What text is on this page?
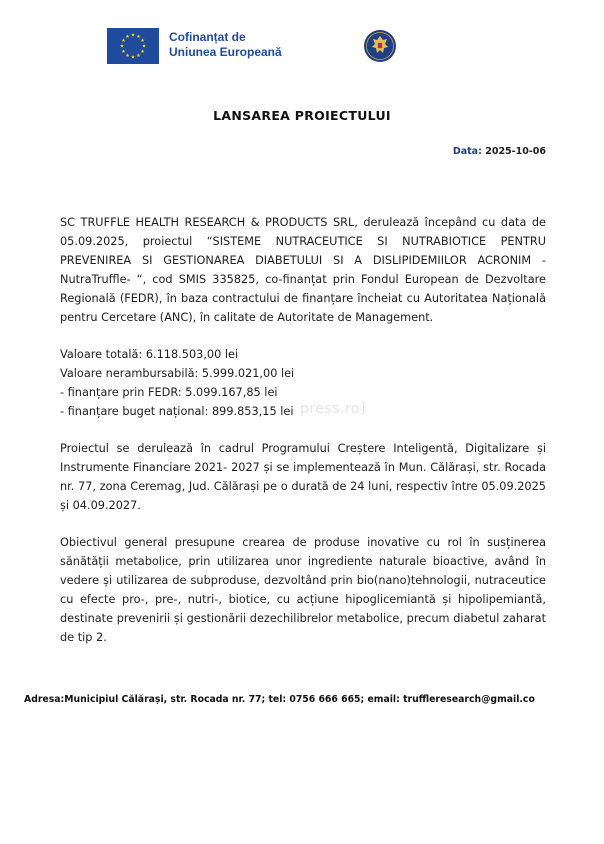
★ ★
★
★
★
★
★
★
★
★
★
★	Cofinanțat de
Uniunea Europeană
LANSAREA PROIECTULUI
Data: 2025-10-06

SC TRUFFLE HEALTH RESEARCH & PRODUCTS SRL, derulează începând cu data de 05.09.2025, proiectul “SISTEME NUTRACEUTICE SI NUTRABIOTICE PENTRU PREVENIREA SI GESTIONAREA DIABETULUI SI A DISLIPIDEMIILOR ACRONIM -NutraTruffle- “, cod SMIS 335825, co-finanțat prin Fondul European de Dezvoltare Regională (FEDR), în baza contractului de finanțare încheiat cu Autoritatea Națională pentru Cercetare (ANC), în calitate de Autoritate de Management.

Valoare totală: 6.118.503,00 lei
Valoare nerambursabilă: 5.999.021,00 lei
- finanțare prin FEDR: 5.099.167,85 lei
- finanțare buget național: 899.853,15 lei

Proiectul se derulează în cadrul Programului Creștere Inteligentă, Digitalizare și Instrumente Financiare 2021- 2027 și se implementează în Mun. Călărași, str. Rocada nr. 77, zona Ceremag, Jud. Călărași pe o durată de 24 luni, respectiv între 05.09.2025 și 04.09.2027.

Obiectivul general presupune crearea de produse inovative cu rol în susținerea sănătății metabolice, prin utilizarea unor ingrediente naturale bioactive, având în vedere și utilizarea de subproduse, dezvoltând prin bio(nano)tehnologii, nutraceutice cu efecte pro-, pre-, nutri-, biotice, cu acțiune hipoglicemiantă și hipolipemiantă, destinate prevenirii și gestionării dezechilibrelor metabolice, precum diabetul zaharat de tip 2.

press.ro]
Adresa:Municipiul Călărași, str. Rocada nr. 77; tel: 0756 666 665; email: truffleresearch@gmail.co
